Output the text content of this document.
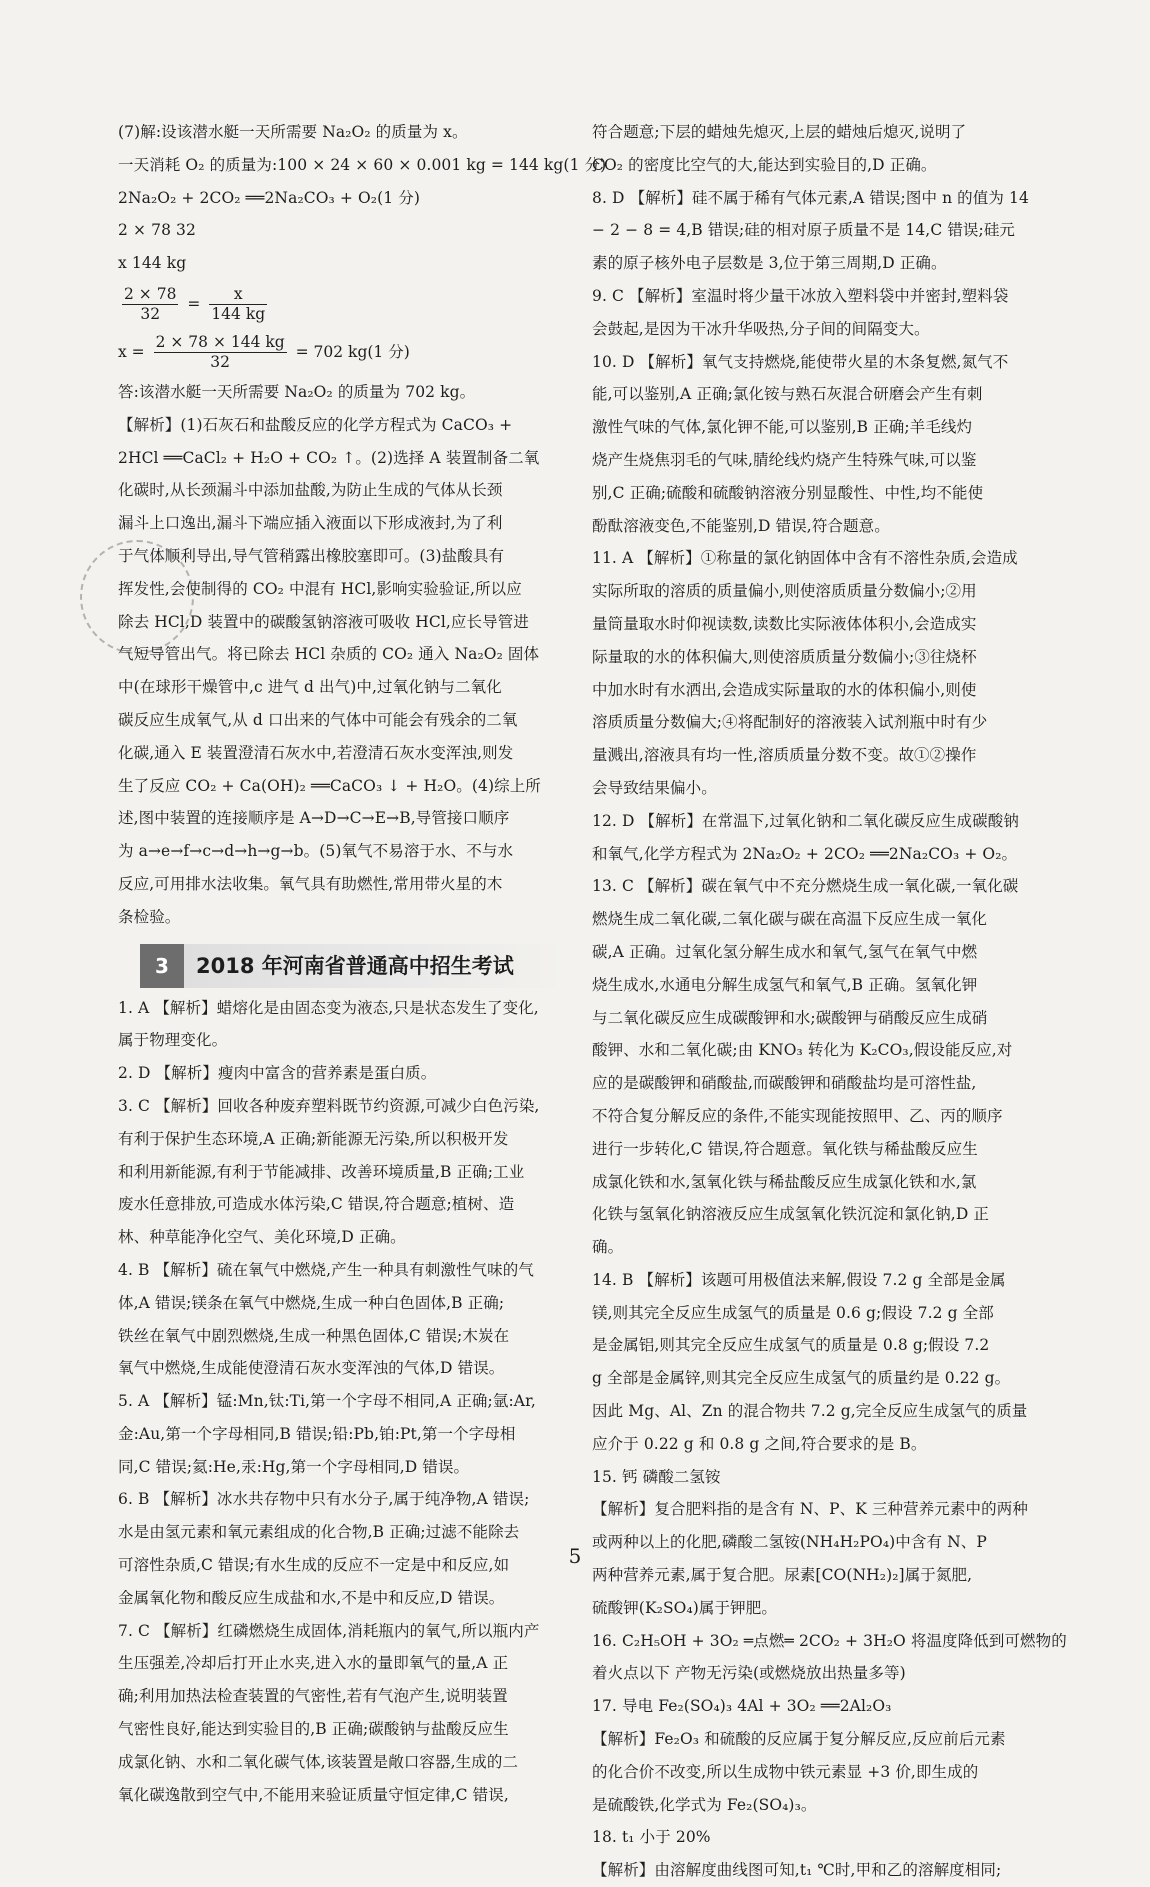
(7)解:设该潜水艇一天所需要 Na₂O₂ 的质量为 x。
一天消耗 O₂ 的质量为:100 × 24 × 60 × 0.001 kg = 144 kg(1 分)
2Na₂O₂ + 2CO₂ ══2Na₂CO₃ + O₂(1 分)
2 × 78 32
x 144 kg
$\frac{2 \times 78}{32} = \frac{x}{144 kg}$
$x = \frac{2 \times 78 \times 144 kg}{32} = 702$ kg(1 分)
答:该潜水艇一天所需要 Na₂O₂ 的质量为 702 kg。
【解析】(1)石灰石和盐酸反应的化学方程式为 CaCO₃ +
2HCl ══CaCl₂ + H₂O + CO₂ ↑。(2)选择 A 装置制备二氧
化碳时,从长颈漏斗中添加盐酸,为防止生成的气体从长颈
漏斗上口逸出,漏斗下端应插入液面以下形成液封,为了利
于气体顺利导出,导气管稍露出橡胶塞即可。(3)盐酸具有
挥发性,会使制得的 CO₂ 中混有 HCl,影响实验验证,所以应
除去 HCl,D 装置中的碳酸氢钠溶液可吸收 HCl,应长导管进
气短导管出气。将已除去 HCl 杂质的 CO₂ 通入 Na₂O₂ 固体
中(在球形干燥管中,c 进气 d 出气)中,过氧化钠与二氧化
碳反应生成氧气,从 d 口出来的气体中可能会有残余的二氧
化碳,通入 E 装置澄清石灰水中,若澄清石灰水变浑浊,则发
生了反应 CO₂ + Ca(OH)₂ ══CaCO₃ ↓ + H₂O。(4)综上所
述,图中装置的连接顺序是 A→D→C→E→B,导管接口顺序
为 a→e→f→c→d→h→g→b。(5)氧气不易溶于水、不与水
反应,可用排水法收集。氧气具有助燃性,常用带火星的木
条检验。
3	2018 年河南省普通高中招生考试
1. A 【解析】蜡熔化是由固态变为液态,只是状态发生了变化,
属于物理变化。
2. D 【解析】瘦肉中富含的营养素是蛋白质。
3. C 【解析】回收各种废弃塑料既节约资源,可减少白色污染,
有利于保护生态环境,A 正确;新能源无污染,所以积极开发
和利用新能源,有利于节能减排、改善环境质量,B 正确;工业
废水任意排放,可造成水体污染,C 错误,符合题意;植树、造
林、种草能净化空气、美化环境,D 正确。
4. B 【解析】硫在氧气中燃烧,产生一种具有刺激性气味的气
体,A 错误;镁条在氧气中燃烧,生成一种白色固体,B 正确;
铁丝在氧气中剧烈燃烧,生成一种黑色固体,C 错误;木炭在
氧气中燃烧,生成能使澄清石灰水变浑浊的气体,D 错误。
5. A 【解析】锰:Mn,钛:Ti,第一个字母不相同,A 正确;氩:Ar,
金:Au,第一个字母相同,B 错误;铅:Pb,铂:Pt,第一个字母相
同,C 错误;氦:He,汞:Hg,第一个字母相同,D 错误。
6. B 【解析】冰水共存物中只有水分子,属于纯净物,A 错误;
水是由氢元素和氧元素组成的化合物,B 正确;过滤不能除去
可溶性杂质,C 错误;有水生成的反应不一定是中和反应,如
金属氧化物和酸反应生成盐和水,不是中和反应,D 错误。
7. C 【解析】红磷燃烧生成固体,消耗瓶内的氧气,所以瓶内产
生压强差,冷却后打开止水夹,进入水的量即氧气的量,A 正
确;利用加热法检查装置的气密性,若有气泡产生,说明装置
气密性良好,能达到实验目的,B 正确;碳酸钠与盐酸反应生
成氯化钠、水和二氧化碳气体,该装置是敞口容器,生成的二
氧化碳逸散到空气中,不能用来验证质量守恒定律,C 错误,
符合题意;下层的蜡烛先熄灭,上层的蜡烛后熄灭,说明了
CO₂ 的密度比空气的大,能达到实验目的,D 正确。
8. D 【解析】硅不属于稀有气体元素,A 错误;图中 n 的值为 14
− 2 − 8 = 4,B 错误;硅的相对原子质量不是 14,C 错误;硅元
素的原子核外电子层数是 3,位于第三周期,D 正确。
9. C 【解析】室温时将少量干冰放入塑料袋中并密封,塑料袋
会鼓起,是因为干冰升华吸热,分子间的间隔变大。
10. D 【解析】氧气支持燃烧,能使带火星的木条复燃,氮气不
能,可以鉴别,A 正确;氯化铵与熟石灰混合研磨会产生有刺
激性气味的气体,氯化钾不能,可以鉴别,B 正确;羊毛线灼
烧产生烧焦羽毛的气味,腈纶线灼烧产生特殊气味,可以鉴
别,C 正确;硫酸和硫酸钠溶液分别显酸性、中性,均不能使
酚酞溶液变色,不能鉴别,D 错误,符合题意。
11. A 【解析】①称量的氯化钠固体中含有不溶性杂质,会造成
实际所取的溶质的质量偏小,则使溶质质量分数偏小;②用
量筒量取水时仰视读数,读数比实际液体体积小,会造成实
际量取的水的体积偏大,则使溶质质量分数偏小;③往烧杯
中加水时有水洒出,会造成实际量取的水的体积偏小,则使
溶质质量分数偏大;④将配制好的溶液装入试剂瓶中时有少
量溅出,溶液具有均一性,溶质质量分数不变。故①②操作
会导致结果偏小。
12. D 【解析】在常温下,过氧化钠和二氧化碳反应生成碳酸钠
和氧气,化学方程式为 2Na₂O₂ + 2CO₂ ══2Na₂CO₃ + O₂。
13. C 【解析】碳在氧气中不充分燃烧生成一氧化碳,一氧化碳
燃烧生成二氧化碳,二氧化碳与碳在高温下反应生成一氧化
碳,A 正确。过氧化氢分解生成水和氧气,氢气在氧气中燃
烧生成水,水通电分解生成氢气和氧气,B 正确。氢氧化钾
与二氧化碳反应生成碳酸钾和水;碳酸钾与硝酸反应生成硝
酸钾、水和二氧化碳;由 KNO₃ 转化为 K₂CO₃,假设能反应,对
应的是碳酸钾和硝酸盐,而碳酸钾和硝酸盐均是可溶性盐,
不符合复分解反应的条件,不能实现能按照甲、乙、丙的顺序
进行一步转化,C 错误,符合题意。氧化铁与稀盐酸反应生
成氯化铁和水,氢氧化铁与稀盐酸反应生成氯化铁和水,氯
化铁与氢氧化钠溶液反应生成氢氧化铁沉淀和氯化钠,D 正
确。
14. B 【解析】该题可用极值法来解,假设 7.2 g 全部是金属
镁,则其完全反应生成氢气的质量是 0.6 g;假设 7.2 g 全部
是金属铝,则其完全反应生成氢气的质量是 0.8 g;假设 7.2
g 全部是金属锌,则其完全反应生成氢气的质量约是 0.22 g。
因此 Mg、Al、Zn 的混合物共 7.2 g,完全反应生成氢气的质量
应介于 0.22 g 和 0.8 g 之间,符合要求的是 B。
15. 钙 磷酸二氢铵
【解析】复合肥料指的是含有 N、P、K 三种营养元素中的两种
或两种以上的化肥,磷酸二氢铵(NH₄H₂PO₄)中含有 N、P
两种营养元素,属于复合肥。尿素[CO(NH₂)₂]属于氮肥,
硫酸钾(K₂SO₄)属于钾肥。
16. C₂H₅OH + 3O₂ ═点燃═ 2CO₂ + 3H₂O 将温度降低到可燃物的
着火点以下 产物无污染(或燃烧放出热量多等)
17. 导电 Fe₂(SO₄)₃ 4Al + 3O₂ ══2Al₂O₃
【解析】Fe₂O₃ 和硫酸的反应属于复分解反应,反应前后元素
的化合价不改变,所以生成物中铁元素显 +3 价,即生成的
是硫酸铁,化学式为 Fe₂(SO₄)₃。
18. t₁ 小于 20%
【解析】由溶解度曲线图可知,t₁ ℃时,甲和乙的溶解度相同;
5
